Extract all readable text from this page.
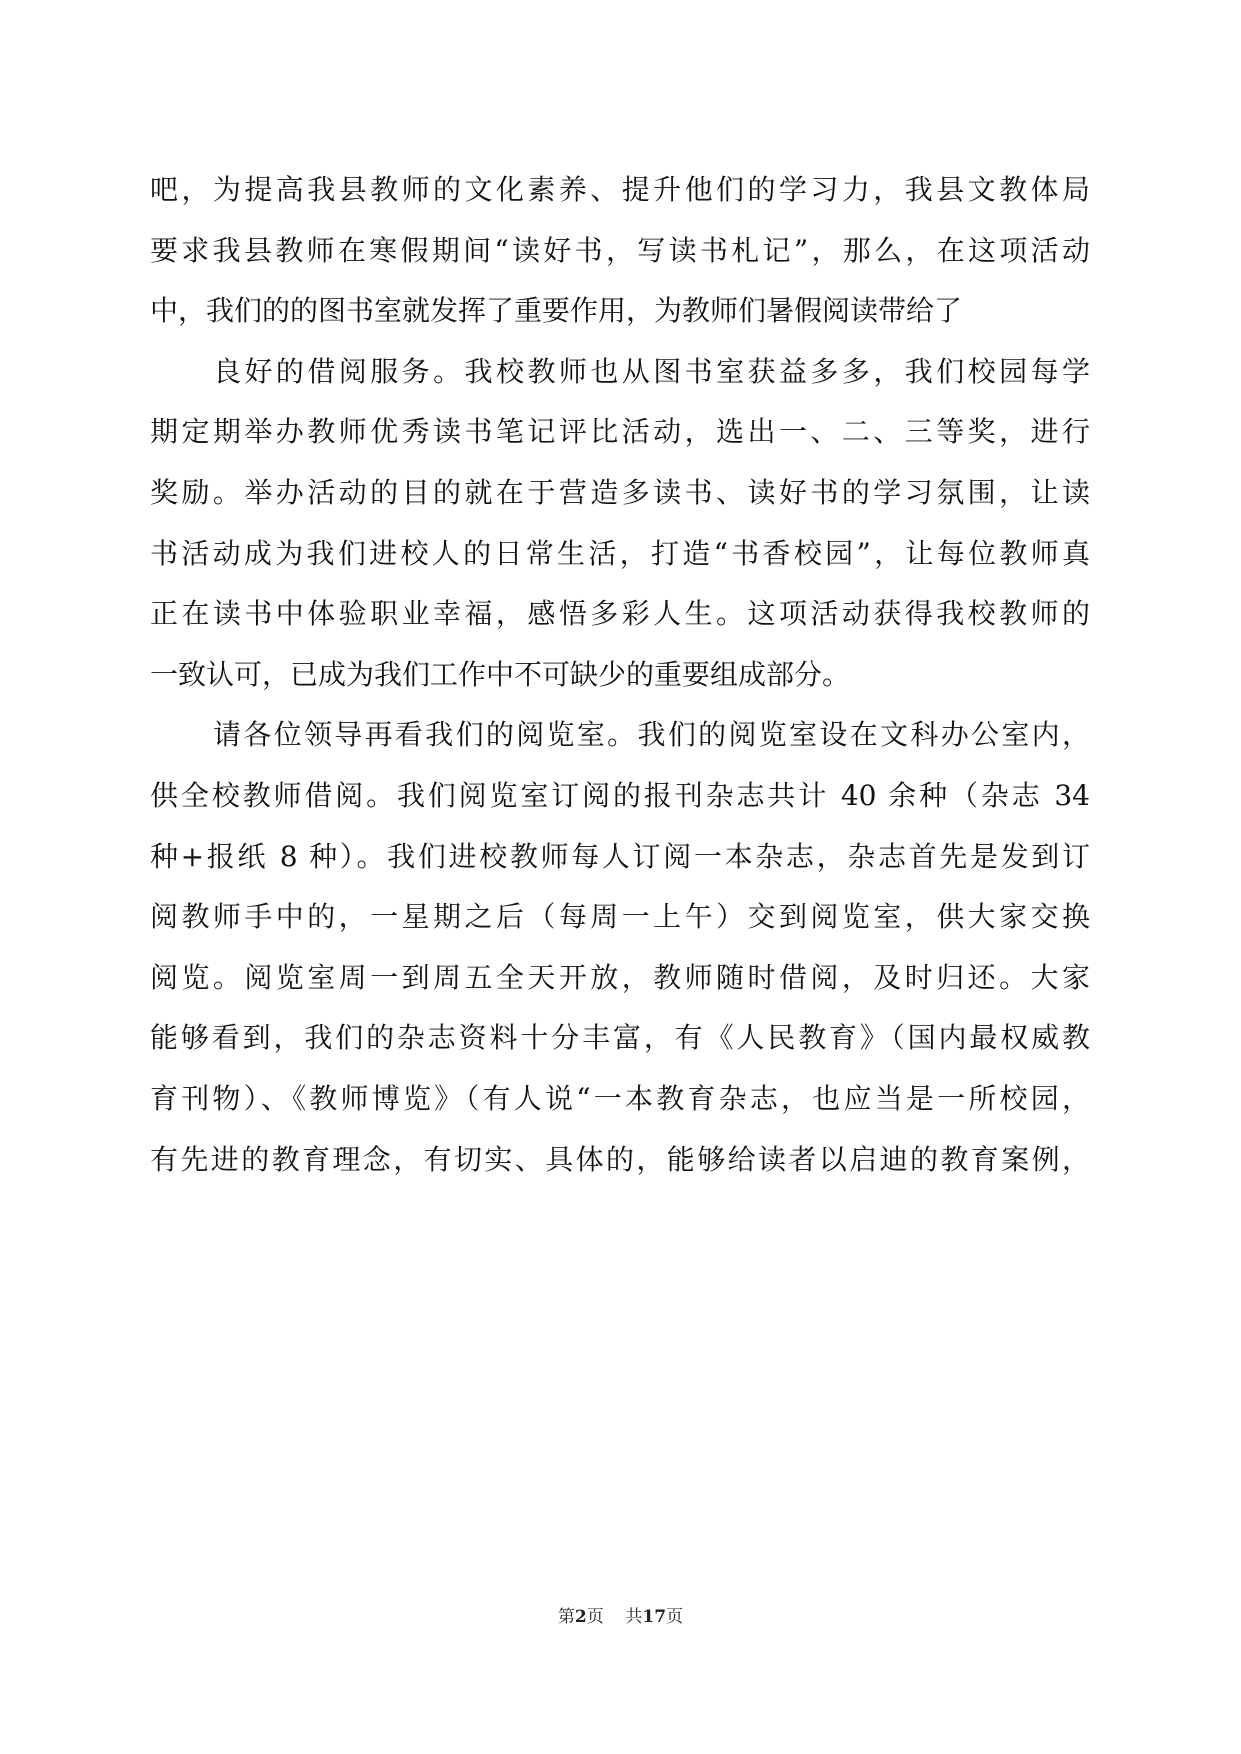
吧，为提高我县教师的文化素养、提升他们的学习力，我县文教体局
要求我县教师在寒假期间“读好书，写读书札记”，那么，在这项活动
中，我们的的图书室就发挥了重要作用，为教师们暑假阅读带给了
良好的借阅服务。我校教师也从图书室获益多多，我们校园每学
期定期举办教师优秀读书笔记评比活动，选出一、二、三等奖，进行
奖励。举办活动的目的就在于营造多读书、读好书的学习氛围，让读
书活动成为我们进校人的日常生活，打造“书香校园”，让每位教师真
正在读书中体验职业幸福，感悟多彩人生。这项活动获得我校教师的
一致认可，已成为我们工作中不可缺少的重要组成部分。
请各位领导再看我们的阅览室。我们的阅览室设在文科办公室内，
供全校教师借阅。我们阅览室订阅的报刊杂志共计 40 余种（杂志 34
种+报纸 8 种）。我们进校教师每人订阅一本杂志，杂志首先是发到订
阅教师手中的，一星期之后（每周一上午）交到阅览室，供大家交换
阅览。阅览室周一到周五全天开放，教师随时借阅，及时归还。大家
能够看到，我们的杂志资料十分丰富，有《人民教育》（国内最权威教
育刊物）、《教师博览》（有人说“一本教育杂志，也应当是一所校园，
有先进的教育理念，有切实、具体的，能够给读者以启迪的教育案例，
第2页 共17页
